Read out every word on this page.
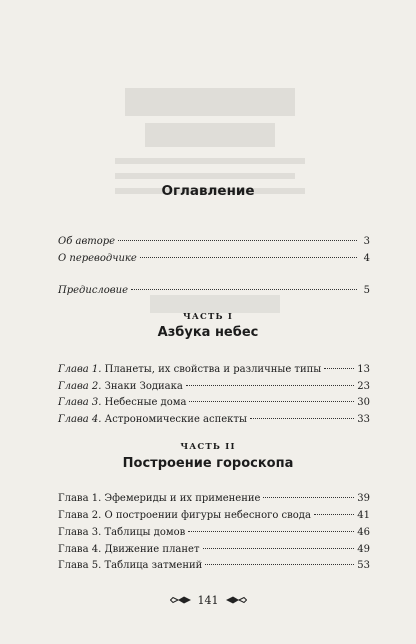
Оглавление
Об авторе	3
О переводчике	4
Предисловие	5
ЧАСТЬ I
Азбука небес
Глава 1. Планеты, их свойства и различные типы	13
Глава 2. Знаки Зодиака	23
Глава 3. Небесные дома	30
Глава 4. Астрономические аспекты	33
ЧАСТЬ II
Построение гороскопа
Глава 1. Эфемериды и их применение	39
Глава 2. О построении фигуры небесного свода	41
Глава 3. Таблицы домов	46
Глава 4. Движение планет	49
Глава 5. Таблица затмений	53
141
